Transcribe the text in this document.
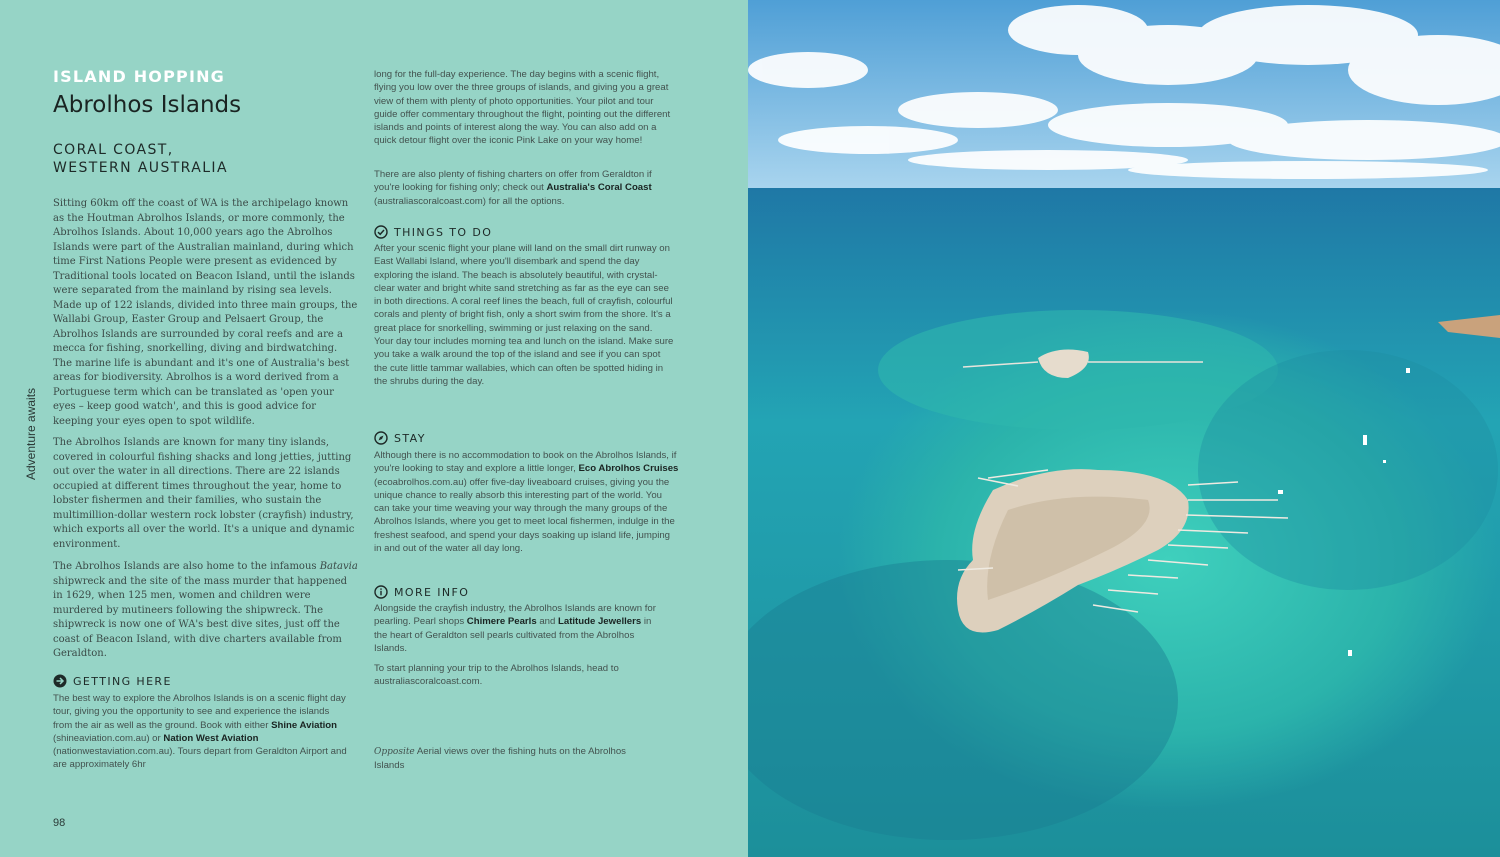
ISLAND HOPPING
Abrolhos Islands

CORAL COAST,
WESTERN AUSTRALIA

Sitting 60km off the coast of WA is the archipelago known as the Houtman Abrolhos Islands, or more commonly, the Abrolhos Islands. About 10,000 years ago the Abrolhos Islands were part of the Australian mainland, during which time First Nations People were present as evidenced by Traditional tools located on Beacon Island, until the islands were separated from the mainland by rising sea levels. Made up of 122 islands, divided into three main groups, the Wallabi Group, Easter Group and Pelsaert Group, the Abrolhos Islands are surrounded by coral reefs and are a mecca for fishing, snorkelling, diving and birdwatching. The marine life is abundant and it's one of Australia's best areas for biodiversity. Abrolhos is a word derived from a Portuguese term which can be translated as 'open your eyes – keep good watch', and this is good advice for keeping your eyes open to spot wildlife.

The Abrolhos Islands are known for many tiny islands, covered in colourful fishing shacks and long jetties, jutting out over the water in all directions. There are 22 islands occupied at different times throughout the year, home to lobster fishermen and their families, who sustain the multimillion-dollar western rock lobster (crayfish) industry, which exports all over the world. It's a unique and dynamic environment.

The Abrolhos Islands are also home to the infamous Batavia shipwreck and the site of the mass murder that happened in 1629, when 125 men, women and children were murdered by mutineers following the shipwreck. The shipwreck is now one of WA's best dive sites, just off the coast of Beacon Island, with dive charters available from Geraldton.

Adventure awaits
GETTING HERE

The best way to explore the Abrolhos Islands is on a scenic flight day tour, giving you the opportunity to see and experience the islands from the air as well as the ground. Book with either Shine Aviation (shineaviation.com.au) or Nation West Aviation (nationwestaviation.com.au). Tours depart from Geraldton Airport and are approximately 6hr

long for the full-day experience. The day begins with a scenic flight, flying you low over the three groups of islands, and giving you a great view of them with plenty of photo opportunities. Your pilot and tour guide offer commentary throughout the flight, pointing out the different islands and points of interest along the way. You can also add on a quick detour flight over the iconic Pink Lake on your way home!

There are also plenty of fishing charters on offer from Geraldton if you're looking for fishing only; check out Australia's Coral Coast (australiascoralcoast.com) for all the options.

THINGS TO DO

After your scenic flight your plane will land on the small dirt runway on East Wallabi Island, where you'll disembark and spend the day exploring the island. The beach is absolutely beautiful, with crystal-clear water and bright white sand stretching as far as the eye can see in both directions. A coral reef lines the beach, full of crayfish, colourful corals and plenty of bright fish, only a short swim from the shore. It's a great place for snorkelling, swimming or just relaxing on the sand. Your day tour includes morning tea and lunch on the island. Make sure you take a walk around the top of the island and see if you can spot the cute little tammar wallabies, which can often be spotted hiding in the shrubs during the day.

STAY

Although there is no accommodation to book on the Abrolhos Islands, if you're looking to stay and explore a little longer, Eco Abrolhos Cruises (ecoabrolhos.com.au) offer five-day liveaboard cruises, giving you the unique chance to really absorb this interesting part of the world. You can take your time weaving your way through the many groups of the Abrolhos Islands, where you get to meet local fishermen, indulge in the freshest seafood, and spend your days soaking up island life, jumping in and out of the water all day long.

MORE INFO

Alongside the crayfish industry, the Abrolhos Islands are known for pearling. Pearl shops Chimere Pearls and Latitude Jewellers in the heart of Geraldton sell pearls cultivated from the Abrolhos Islands.

To start planning your trip to the Abrolhos Islands, head to australiascoralcoast.com.

Opposite Aerial views over the fishing huts on the Abrolhos Islands

98
